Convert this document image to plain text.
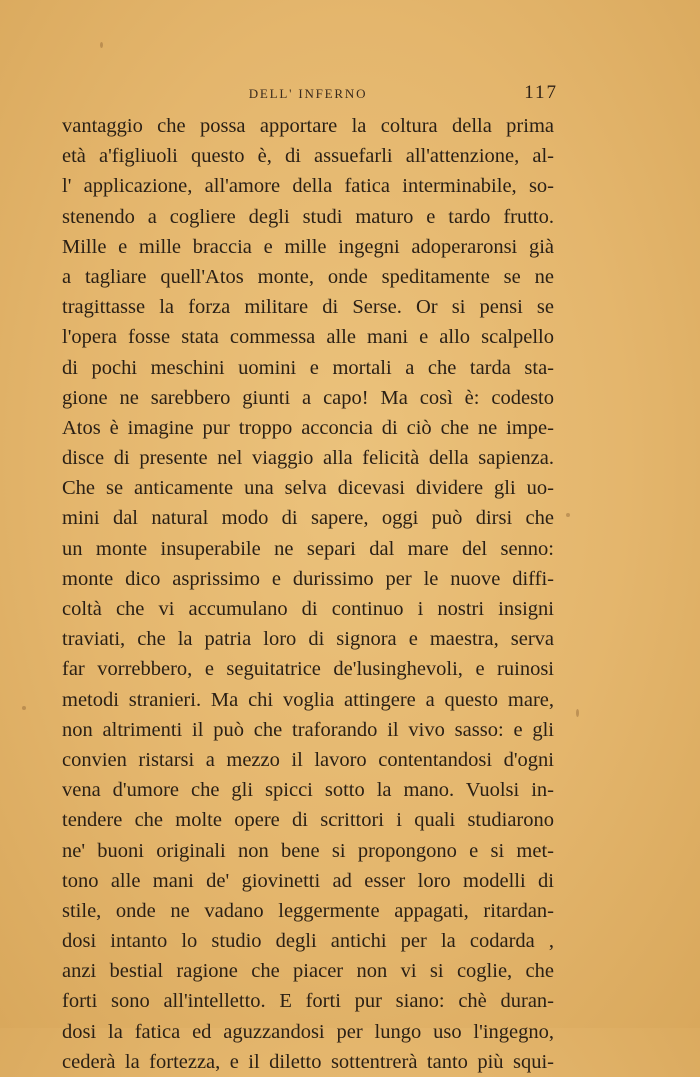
DELL' INFERNO	117
vantaggio che possa apportare la coltura della prima
età a'figliuoli questo è, di assuefarli all'attenzione, al-
l' applicazione, all'amore della fatica interminabile, so-
stenendo a cogliere degli studi maturo e tardo frutto.
Mille e mille braccia e mille ingegni adoperaronsi già
a tagliare quell'Atos monte, onde speditamente se ne
tragittasse la forza militare di Serse. Or si pensi se
l'opera fosse stata commessa alle mani e allo scalpello
di pochi meschini uomini e mortali a che tarda sta-
gione ne sarebbero giunti a capo! Ma così è: codesto
Atos è imagine pur troppo acconcia di ciò che ne impe-
disce di presente nel viaggio alla felicità della sapienza.
Che se anticamente una selva dicevasi dividere gli uo-
mini dal natural modo di sapere, oggi può dirsi che
un monte insuperabile ne separi dal mare del senno:
monte dico asprissimo e durissimo per le nuove diffi-
coltà che vi accumulano di continuo i nostri insigni
traviati, che la patria loro di signora e maestra, serva
far vorrebbero, e seguitatrice de'lusinghevoli, e ruinosi
metodi stranieri. Ma chi voglia attingere a questo mare,
non altrimenti il può che traforando il vivo sasso: e gli
convien ristarsi a mezzo il lavoro contentandosi d'ogni
vena d'umore che gli spicci sotto la mano. Vuolsi in-
tendere che molte opere di scrittori i quali studiarono
ne' buoni originali non bene si propongono e si met-
tono alle mani de' giovinetti ad esser loro modelli di
stile, onde ne vadano leggermente appagati, ritardan-
dosi intanto lo studio degli antichi per la codarda ,
anzi bestial ragione che piacer non vi si coglie, che
forti sono all'intelletto. E forti pur siano: chè duran-
dosi la fatica ed aguzzandosi per lungo uso l'ingegno,
cederà la fortezza, e il diletto sottentrerà tanto più squi-
